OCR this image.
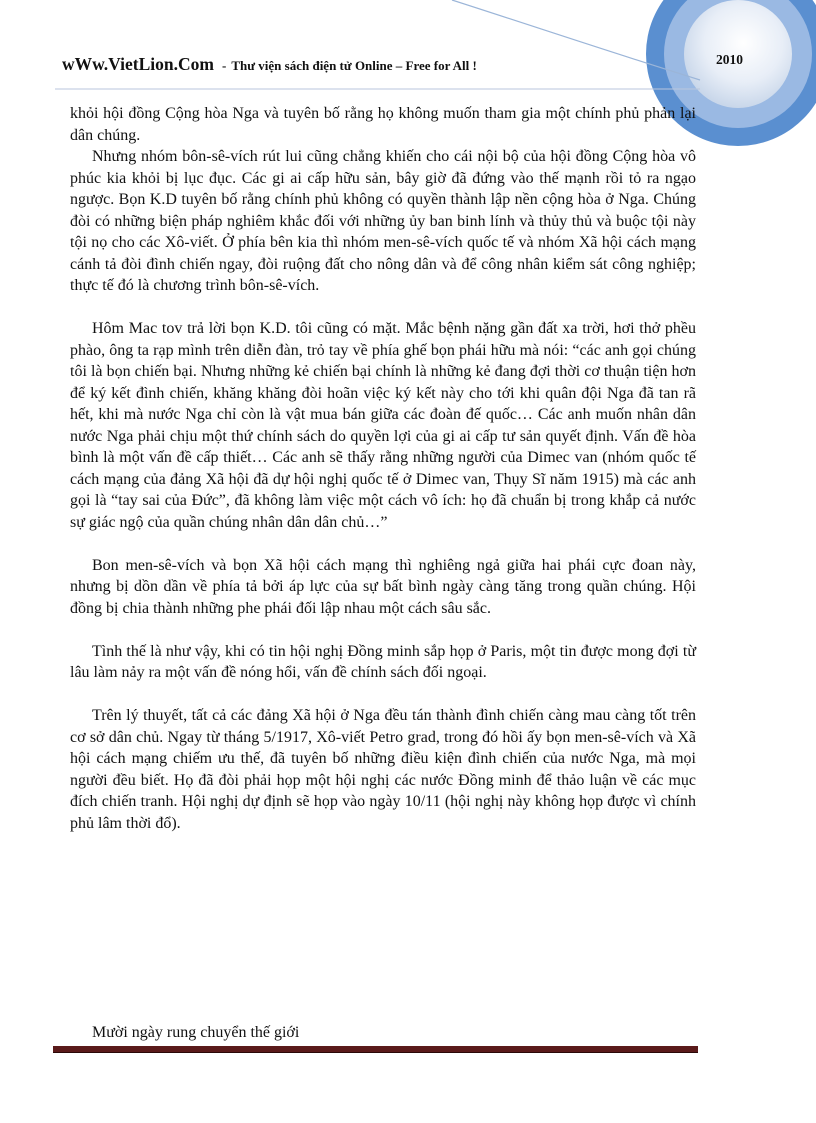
wWw.VietLion.Com - Thư viện sách điện tử Online – Free for All !	2010

khỏi hội đồng Cộng hòa Nga và tuyên bố rằng họ không muốn tham gia một chính phủ phản lại dân chúng.

Nhưng nhóm bôn-sê-vích rút lui cũng chẳng khiến cho cái nội bộ của hội đồng Cộng hòa vô phúc kia khỏi bị lục đục. Các gi ai cấp hữu sản, bây giờ đã đứng vào thế mạnh rồi tỏ ra ngạo ngược. Bọn K.D tuyên bố rằng chính phủ không có quyền thành lập nền cộng hòa ở Nga. Chúng đòi có những biện pháp nghiêm khắc đối với những ủy ban binh lính và thủy thủ và buộc tội này tội nọ cho các Xô-viết. Ở phía bên kia thì nhóm men-sê-vích quốc tế và nhóm Xã hội cách mạng cánh tả đòi đình chiến ngay, đòi ruộng đất cho nông dân và để công nhân kiểm sát công nghiệp; thực tế đó là chương trình bôn-sê-vích.

Hôm Mac tov trả lời bọn K.D. tôi cũng có mặt. Mắc bệnh nặng gần đất xa trời, hơi thở phều phào, ông ta rạp mình trên diễn đàn, trỏ tay về phía ghế bọn phái hữu mà nói: “các anh gọi chúng tôi là bọn chiến bại. Nhưng những kẻ chiến bại chính là những kẻ đang đợi thời cơ thuận tiện hơn để ký kết đình chiến, khăng khăng đòi hoãn việc ký kết này cho tới khi quân đội Nga đã tan rã hết, khi mà nước Nga chỉ còn là vật mua bán giữa các đoàn đế quốc… Các anh muốn nhân dân nước Nga phải chịu một thứ chính sách do quyền lợi của gi ai cấp tư sản quyết định. Vấn đề hòa bình là một vấn đề cấp thiết… Các anh sẽ thấy rằng những người của Dimec van (nhóm quốc tế cách mạng của đảng Xã hội đã dự hội nghị quốc tế ở Dimec van, Thụy Sĩ năm 1915) mà các anh gọi là “tay sai của Đức”, đã không làm việc một cách vô ích: họ đã chuẩn bị trong khắp cả nước sự giác ngộ của quần chúng nhân dân dân chủ…”

Bon men-sê-vích và bọn Xã hội cách mạng thì nghiêng ngả giữa hai phái cực đoan này, nhưng bị dồn dần về phía tả bởi áp lực của sự bất bình ngày càng tăng trong quần chúng. Hội đồng bị chia thành những phe phái đối lập nhau một cách sâu sắc.

Tình thế là như vậy, khi có tin hội nghị Đồng minh sắp họp ở Paris, một tin được mong đợi từ lâu làm nảy ra một vấn đề nóng hổi, vấn đề chính sách đối ngoại.

Trên lý thuyết, tất cả các đảng Xã hội ở Nga đều tán thành đình chiến càng mau càng tốt trên cơ sở dân chủ. Ngay từ tháng 5/1917, Xô-viết Petro grad, trong đó hồi ấy bọn men-sê-vích và Xã hội cách mạng chiếm ưu thế, đã tuyên bố những điều kiện đình chiến của nước Nga, mà mọi người đều biết. Họ đã đòi phải họp một hội nghị các nước Đồng minh để thảo luận về các mục đích chiến tranh. Hội nghị dự định sẽ họp vào ngày 10/11 (hội nghị này không họp được vì chính phủ lâm thời đổ).

Mười ngày rung chuyển thế giới
